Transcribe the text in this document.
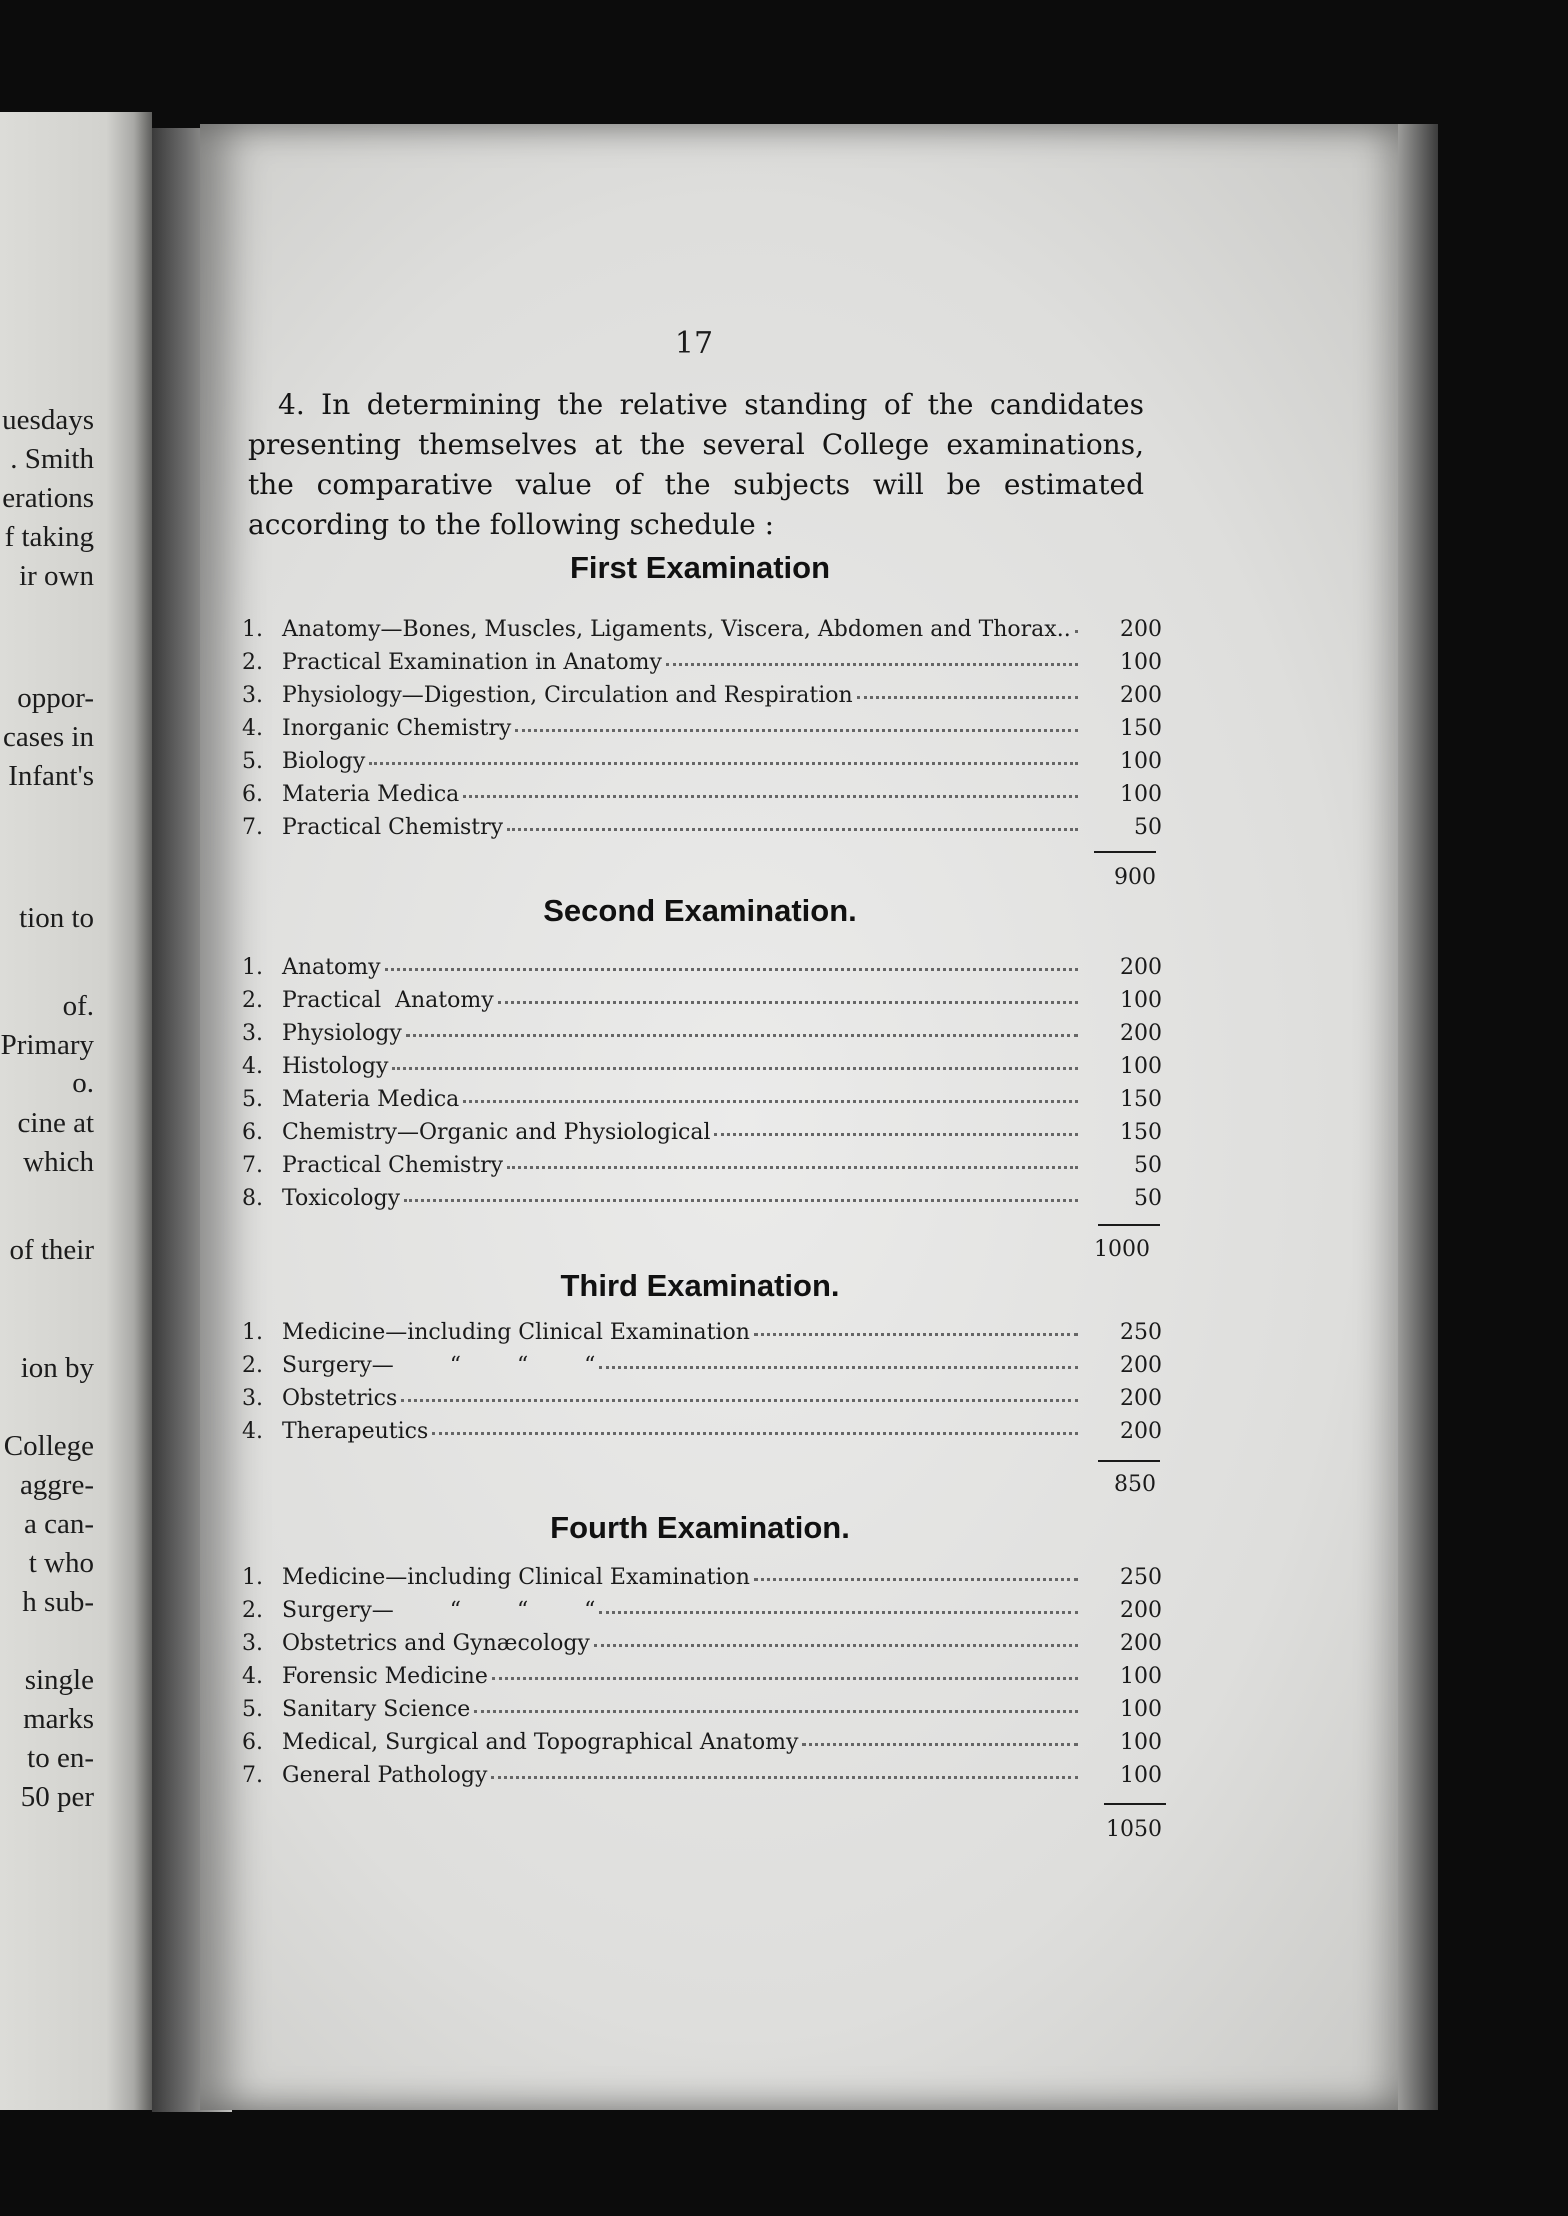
uesdays
. Smith
erations
f taking
ir own
oppor-
cases in
Infant's
tion to
of.
Primary
o.
cine at
which
of their
ion by
College
aggre-
a can-
t who
h sub-
single
marks
to en-
50 per
17

4. In determining the relative standing of the candidates presenting themselves at the several College examinations, the comparative value of the subjects will be estimated according to the following schedule :

First Examination
1. Anatomy—Bones, Muscles, Ligaments, Viscera, Abdomen and Thorax..	200
2. Practical Examination in Anatomy	100
3. Physiology—Digestion, Circulation and Respiration	200
4. Inorganic Chemistry	150
5. Biology	100
6. Materia Medica	100
7. Practical Chemistry	50
900
Second Examination.
1. Anatomy	200
2. Practical  Anatomy	100
3. Physiology	200
4. Histology	100
5. Materia Medica	150
6. Chemistry—Organic and Physiological	150
7. Practical Chemistry	50
8. Toxicology	50
1000
Third Examination.
1. Medicine—including Clinical Examination	250
2. Surgery—        “        “        “	200
3. Obstetrics	200
4. Therapeutics	200
850
Fourth Examination.
1. Medicine—including Clinical Examination	250
2. Surgery—        “        “        “	200
3. Obstetrics and Gynæcology	200
4. Forensic Medicine	100
5. Sanitary Science	100
6. Medical, Surgical and Topographical Anatomy	100
7. General Pathology	100
1050
